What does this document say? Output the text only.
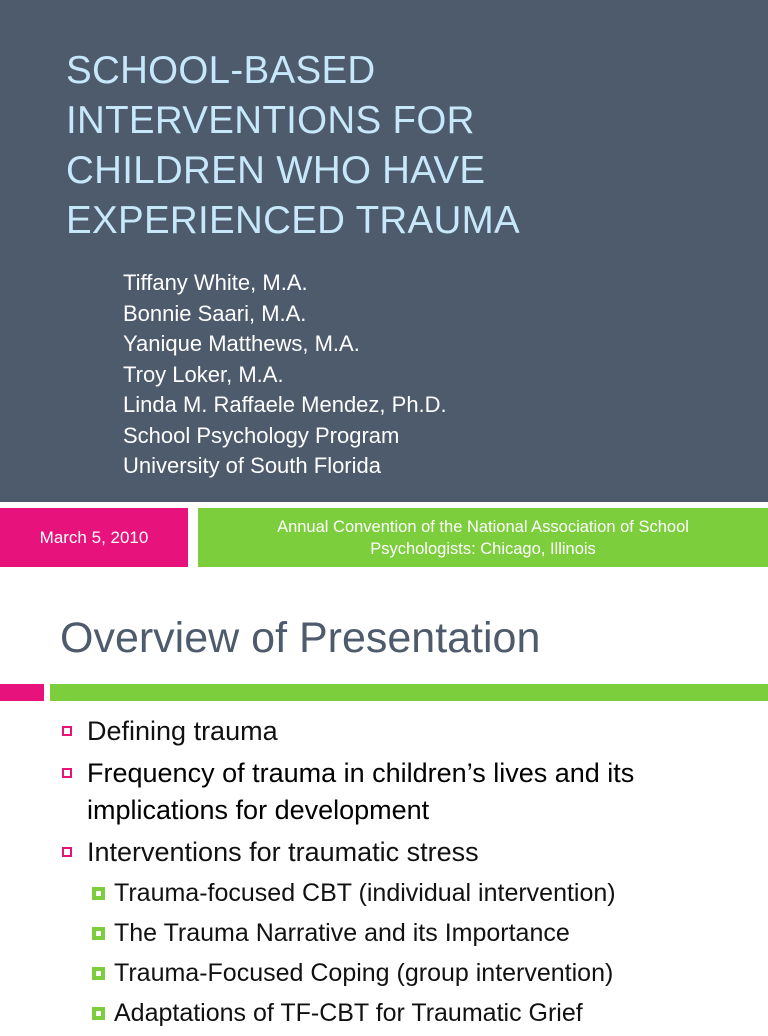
SCHOOL-BASED
INTERVENTIONS FOR
CHILDREN WHO HAVE
EXPERIENCED TRAUMA
Tiffany White, M.A.
Bonnie Saari, M.A.
Yanique Matthews, M.A.
Troy Loker, M.A.
Linda M. Raffaele Mendez, Ph.D.
School Psychology Program
University of South Florida
March 5, 2010
Annual Convention of the National Association of School Psychologists: Chicago, Illinois
Overview of Presentation
Defining trauma
Frequency of trauma in children’s lives and its implications for development
Interventions for traumatic stress
Trauma-focused CBT (individual intervention)
The Trauma Narrative and its Importance
Trauma-Focused Coping (group intervention)
Adaptations of TF-CBT for Traumatic Grief
